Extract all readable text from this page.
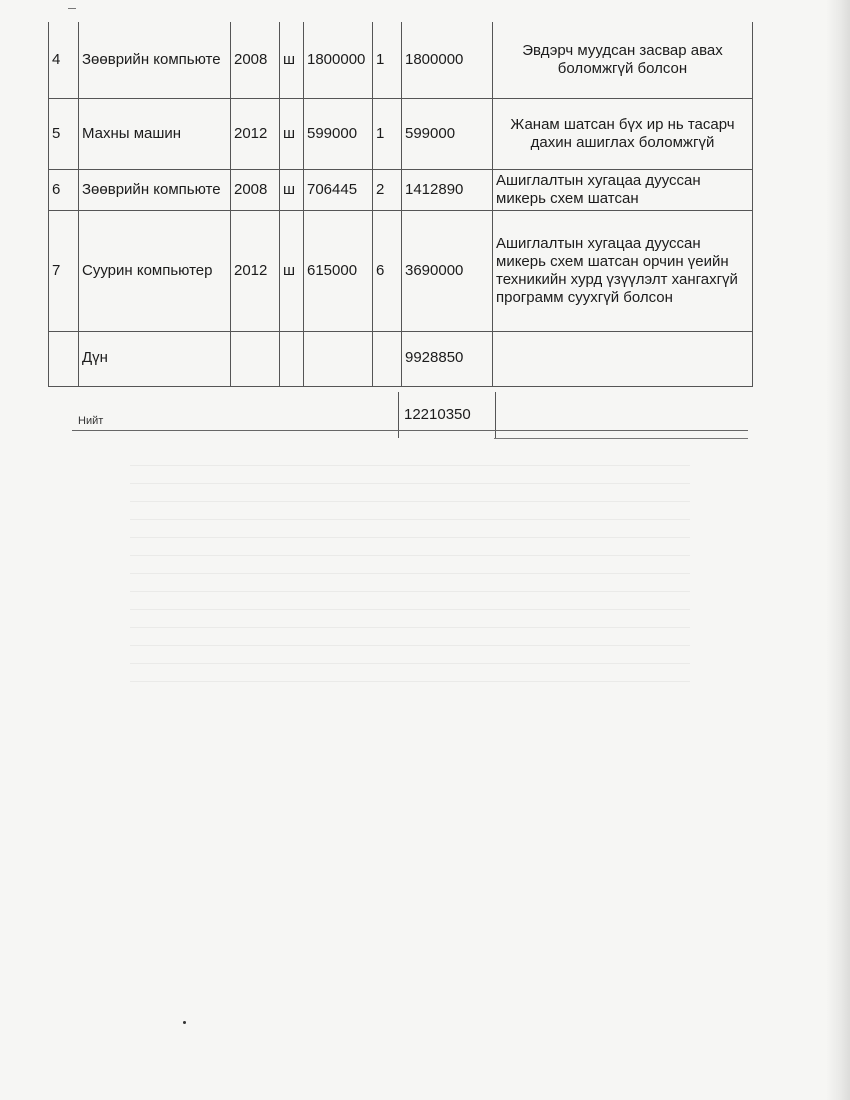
4	Зөөврийн компьюте	2008	ш	1800000	1	1800000	Эвдэрч муудсан засвар авах боломжгүй болсон
5	Махны машин	2012	ш	599000	1	599000	Жанам шатсан бүх ир нь тасарч дахин ашиглах боломжгүй
6	Зөөврийн компьюте	2008	ш	706445	2	1412890	Ашиглалтын хугацаа дууссан микерь схем шатсан
7	Суурин компьютер	2012	ш	615000	6	3690000	Ашиглалтын хугацаа дууссан микерь схем шатсан орчин үеийн техникийн хурд үзүүлэлт хангахгүй программ суухгүй болсон

	Дүн					9928850	

Нийт	12210350
